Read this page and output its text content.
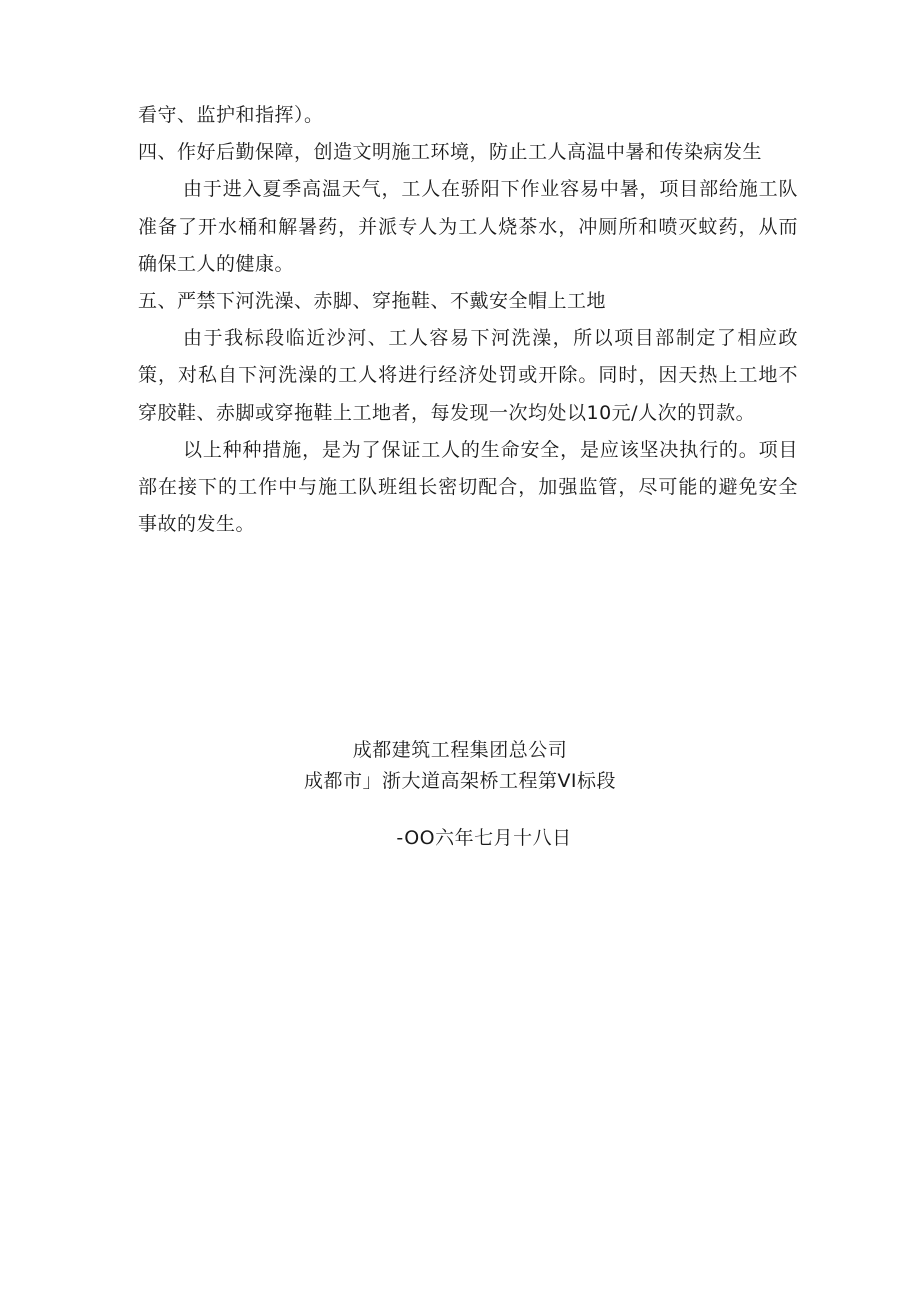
看守、监护和指挥）。

四、作好后勤保障，创造文明施工环境，防止工人高温中暑和传染病发生

由于进入夏季高温天气，工人在骄阳下作业容易中暑，项目部给施工队准备了开水桶和解暑药，并派专人为工人烧茶水，冲厕所和喷灭蚊药，从而确保工人的健康。

五、严禁下河洗澡、赤脚、穿拖鞋、不戴安全帽上工地

由于我标段临近沙河、工人容易下河洗澡，所以项目部制定了相应政策，对私自下河洗澡的工人将进行经济处罚或开除。同时，因天热上工地不穿胶鞋、赤脚或穿拖鞋上工地者，每发现一次均处以10元/人次的罚款。

以上种种措施，是为了保证工人的生命安全，是应该坚决执行的。项目部在接下的工作中与施工队班组长密切配合，加强监管，尽可能的避免安全事故的发生。

成都建筑工程集团总公司
成都市」浙大道高架桥工程第VI标段
-OO六年七月十八日
